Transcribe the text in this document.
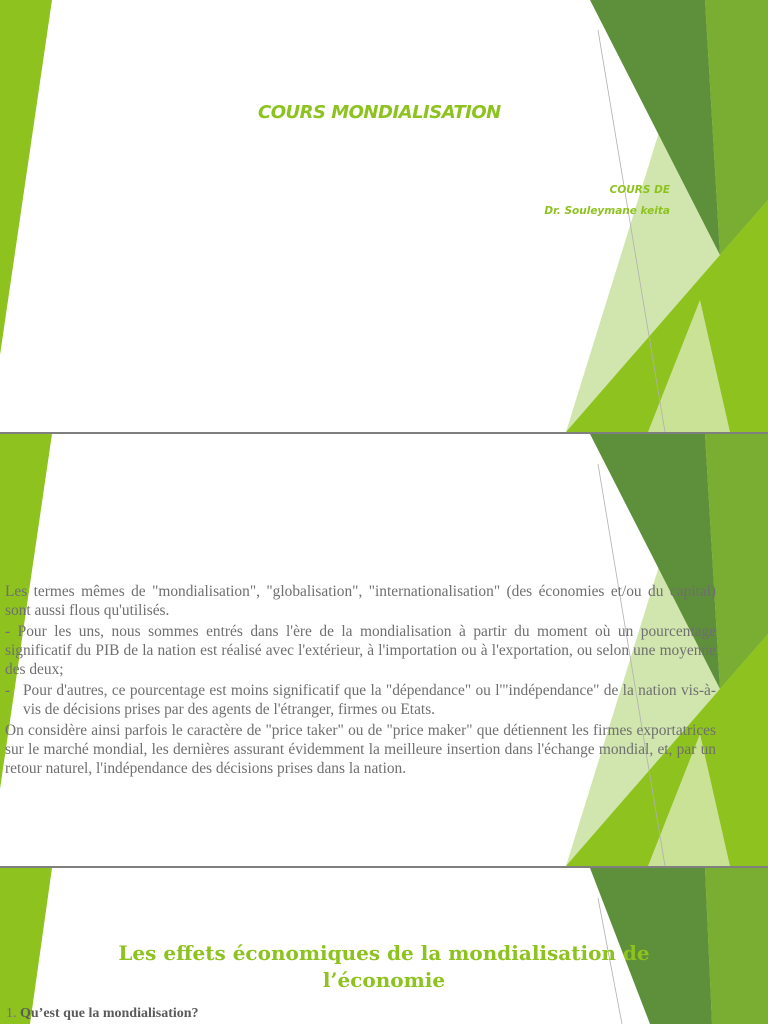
COURS MONDIALISATION
COURS DE
Dr. Souleymane keita

Les termes mêmes de "mondialisation", "globalisation", "internationalisation" (des économies et/ou du capital) sont aussi flous qu'utilisés.

- Pour les uns, nous sommes entrés dans l'ère de la mondialisation à partir du moment où un pourcentage significatif du PIB de la nation est réalisé avec l'extérieur, à l'importation ou à l'exportation, ou selon une moyenne des deux;

- Pour d'autres, ce pourcentage est moins significatif que la "dépendance" ou l'"indépendance" de la nation vis-à-vis de décisions prises par des agents de l'étranger, firmes ou Etats.

On considère ainsi parfois le caractère de "price taker" ou de "price maker" que détiennent les firmes exportatrices sur le marché mondial, les dernières assurant évidemment la meilleure insertion dans l'échange mondial, et, par un retour naturel, l'indépendance des décisions prises dans la nation.

Les effets économiques de la mondialisation de l’économie
1. Qu’est que la mondialisation?
